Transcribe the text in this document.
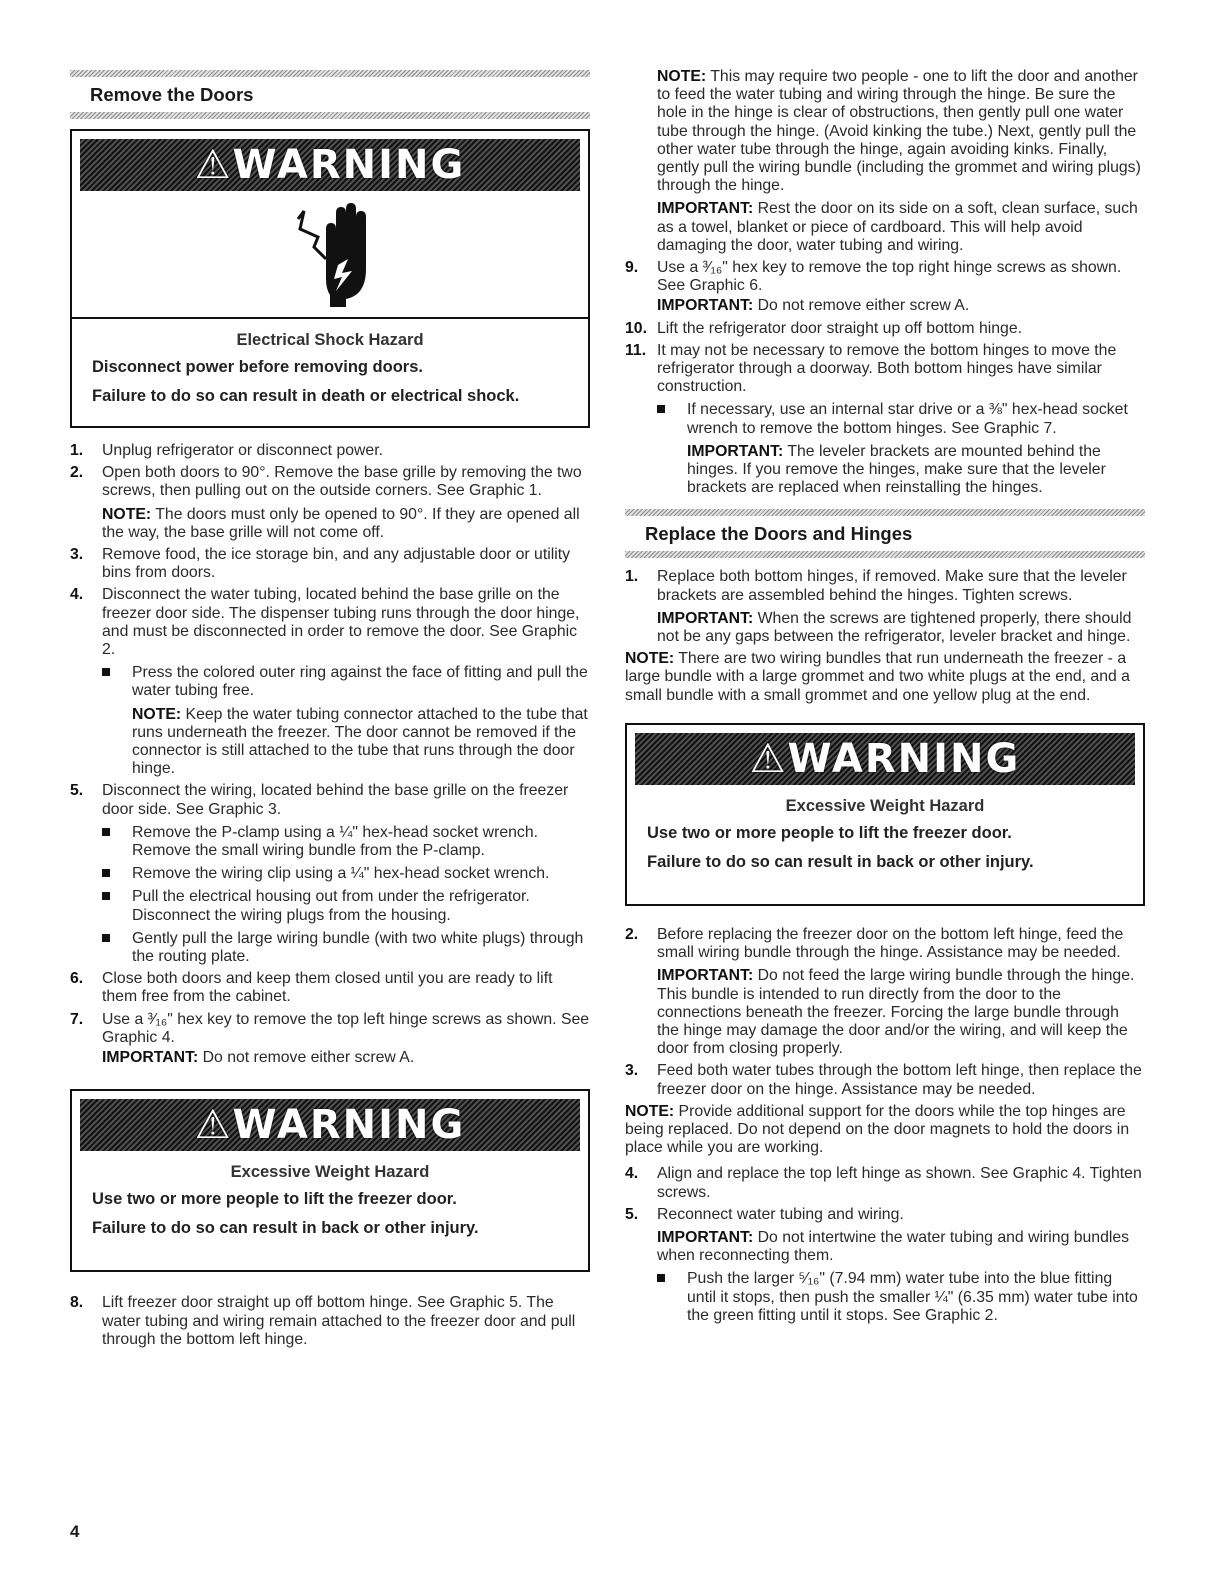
Remove the Doors
⚠WARNING
Electrical Shock Hazard
Disconnect power before removing doors.
Failure to do so can result in death or electrical shock.
1. Unplug refrigerator or disconnect power.
2. Open both doors to 90°. Remove the base grille by removing the two screws, then pulling out on the outside corners. See Graphic 1.
NOTE: The doors must only be opened to 90°. If they are opened all the way, the base grille will not come off.
3. Remove food, the ice storage bin, and any adjustable door or utility bins from doors.
4. Disconnect the water tubing, located behind the base grille on the freezer door side. The dispenser tubing runs through the door hinge, and must be disconnected in order to remove the door. See Graphic 2.
Press the colored outer ring against the face of fitting and pull the water tubing free.
NOTE: Keep the water tubing connector attached to the tube that runs underneath the freezer. The door cannot be removed if the connector is still attached to the tube that runs through the door hinge.
5. Disconnect the wiring, located behind the base grille on the freezer door side. See Graphic 3.
Remove the P-clamp using a ¼" hex-head socket wrench. Remove the small wiring bundle from the P-clamp.
Remove the wiring clip using a ¼" hex-head socket wrench.
Pull the electrical housing out from under the refrigerator. Disconnect the wiring plugs from the housing.
Gently pull the large wiring bundle (with two white plugs) through the routing plate.
6. Close both doors and keep them closed until you are ready to lift them free from the cabinet.
7. Use a ³⁄₁₆" hex key to remove the top left hinge screws as shown. See Graphic 4.
IMPORTANT: Do not remove either screw A.
⚠WARNING
Excessive Weight Hazard
Use two or more people to lift the freezer door.
Failure to do so can result in back or other injury.
8. Lift freezer door straight up off bottom hinge. See Graphic 5. The water tubing and wiring remain attached to the freezer door and pull through the bottom left hinge.
NOTE: This may require two people - one to lift the door and another to feed the water tubing and wiring through the hinge. Be sure the hole in the hinge is clear of obstructions, then gently pull one water tube through the hinge. (Avoid kinking the tube.) Next, gently pull the other water tube through the hinge, again avoiding kinks. Finally, gently pull the wiring bundle (including the grommet and wiring plugs) through the hinge.
IMPORTANT: Rest the door on its side on a soft, clean surface, such as a towel, blanket or piece of cardboard. This will help avoid damaging the door, water tubing and wiring.
9. Use a ³⁄₁₆" hex key to remove the top right hinge screws as shown. See Graphic 6.
IMPORTANT: Do not remove either screw A.
10. Lift the refrigerator door straight up off bottom hinge.
11. It may not be necessary to remove the bottom hinges to move the refrigerator through a doorway. Both bottom hinges have similar construction.
If necessary, use an internal star drive or a ⅜" hex-head socket wrench to remove the bottom hinges. See Graphic 7.
IMPORTANT: The leveler brackets are mounted behind the hinges. If you remove the hinges, make sure that the leveler brackets are replaced when reinstalling the hinges.
Replace the Doors and Hinges
1. Replace both bottom hinges, if removed. Make sure that the leveler brackets are assembled behind the hinges. Tighten screws.
IMPORTANT: When the screws are tightened properly, there should not be any gaps between the refrigerator, leveler bracket and hinge.
NOTE: There are two wiring bundles that run underneath the freezer - a large bundle with a large grommet and two white plugs at the end, and a small bundle with a small grommet and one yellow plug at the end.
⚠WARNING
Excessive Weight Hazard
Use two or more people to lift the freezer door.
Failure to do so can result in back or other injury.
2. Before replacing the freezer door on the bottom left hinge, feed the small wiring bundle through the hinge. Assistance may be needed.
IMPORTANT: Do not feed the large wiring bundle through the hinge. This bundle is intended to run directly from the door to the connections beneath the freezer. Forcing the large bundle through the hinge may damage the door and/or the wiring, and will keep the door from closing properly.
3. Feed both water tubes through the bottom left hinge, then replace the freezer door on the hinge. Assistance may be needed.
NOTE: Provide additional support for the doors while the top hinges are being replaced. Do not depend on the door magnets to hold the doors in place while you are working.
4. Align and replace the top left hinge as shown. See Graphic 4. Tighten screws.
5. Reconnect water tubing and wiring.
IMPORTANT: Do not intertwine the water tubing and wiring bundles when reconnecting them.
Push the larger ⁵⁄₁₆" (7.94 mm) water tube into the blue fitting until it stops, then push the smaller ¼" (6.35 mm) water tube into the green fitting until it stops. See Graphic 2.
4
